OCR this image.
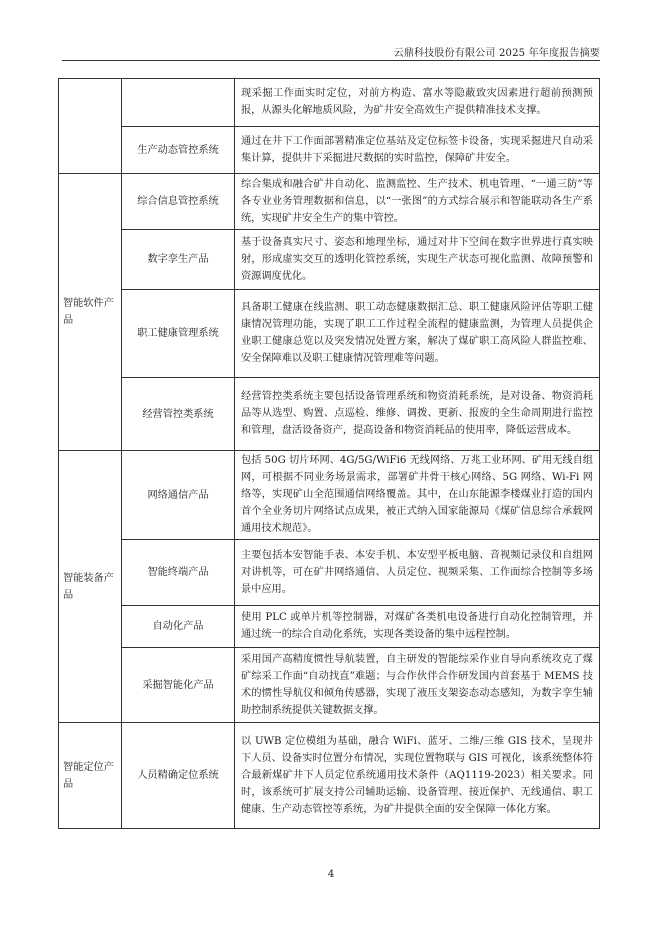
云鼎科技股份有限公司 2025 年年度报告摘要
		现采掘工作面实时定位，对前方构造、富水等隐蔽致灾因素进行超前预测预报，从源头化解地质风险，为矿井安全高效生产提供精准技术支撑。
	生产动态管控系统	通过在井下工作面部署精准定位基站及定位标签卡设备，实现采掘进尺自动采集计算，提供井下采掘进尺数据的实时监控，保障矿井安全。
智能软件产品	综合信息管控系统	综合集成和融合矿井自动化、监测监控、生产技术、机电管理、“一通三防”等各专业业务管理数据和信息，以“一张图”的方式综合展示和智能联动各生产系统，实现矿井安全生产的集中管控。
	数字孪生产品	基于设备真实尺寸、姿态和地理坐标，通过对井下空间在数字世界进行真实映射，形成虚实交互的透明化管控系统，实现生产状态可视化监测、故障预警和资源调度优化。
	职工健康管理系统	具备职工健康在线监测、职工动态健康数据汇总、职工健康风险评估等职工健康情况管理功能，实现了职工工作过程全流程的健康监测，为管理人员提供企业职工健康总览以及突发情况处置方案，解决了煤矿职工高风险人群监控难、安全保障难以及职工健康情况管理难等问题。
	经营管控类系统	经营管控类系统主要包括设备管理系统和物资消耗系统，是对设备、物资消耗品等从选型、购置、点巡检、维修、调拨、更新、报废的全生命周期进行监控和管理，盘活设备资产，提高设备和物资消耗品的使用率，降低运营成本。
智能装备产品	网络通信产品	包括 50G 切片环网、4G/5G/WiFi6 无线网络、万兆工业环网、矿用无线自组网，可根据不同业务场景需求，部署矿井骨干核心网络、5G 网络、Wi-Fi 网络等，实现矿山全范围通信网络覆盖。其中，在山东能源李楼煤业打造的国内首个全业务切片网络试点成果，被正式纳入国家能源局《煤矿信息综合承载网通用技术规范》。
	智能终端产品	主要包括本安智能手表、本安手机、本安型平板电脑、音视频记录仪和自组网对讲机等，可在矿井网络通信、人员定位、视频采集、工作面综合控制等多场景中应用。
	自动化产品	使用 PLC 或单片机等控制器，对煤矿各类机电设备进行自动化控制管理，并通过统一的综合自动化系统，实现各类设备的集中远程控制。
	采掘智能化产品	采用国产高精度惯性导航装置，自主研发的智能综采作业自导向系统攻克了煤矿综采工作面“自动找直”难题；与合作伙伴合作研发国内首套基于 MEMS 技术的惯性导航仪和倾角传感器，实现了液压支架姿态动态感知，为数字孪生辅助控制系统提供关键数据支撑。
智能定位产品	人员精确定位系统	以 UWB 定位模组为基础，融合 WiFi、蓝牙、二维/三维 GIS 技术，呈现井下人员、设备实时位置分布情况，实现位置物联与 GIS 可视化，该系统整体符合最新煤矿井下人员定位系统通用技术条件（AQ1119-2023）相关要求。同时，该系统可扩展支持公司辅助运输、设备管理、接近保护、无线通信、职工健康、生产动态管控等系统，为矿井提供全面的安全保障一体化方案。
4
